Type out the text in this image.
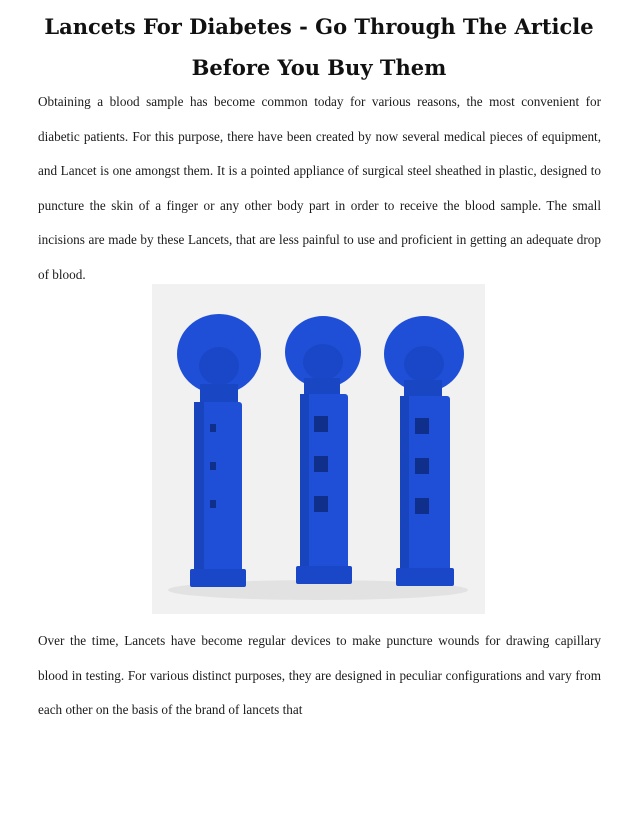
Lancets For Diabetes - Go Through The Article Before You Buy Them

Obtaining a blood sample has become common today for various reasons, the most convenient for diabetic patients. For this purpose, there have been created by now several medical pieces of equipment, and Lancet is one amongst them. It is a pointed appliance of surgical steel sheathed in plastic, designed to puncture the skin of a finger or any other body part in order to receive the blood sample. The small incisions are made by these Lancets, that are less painful to use and proficient in getting an adequate drop of blood.

Over the time, Lancets have become regular devices to make puncture wounds for drawing capillary blood in testing. For various distinct purposes, they are designed in peculiar configurations and vary from each other on the basis of the brand of lancets that
